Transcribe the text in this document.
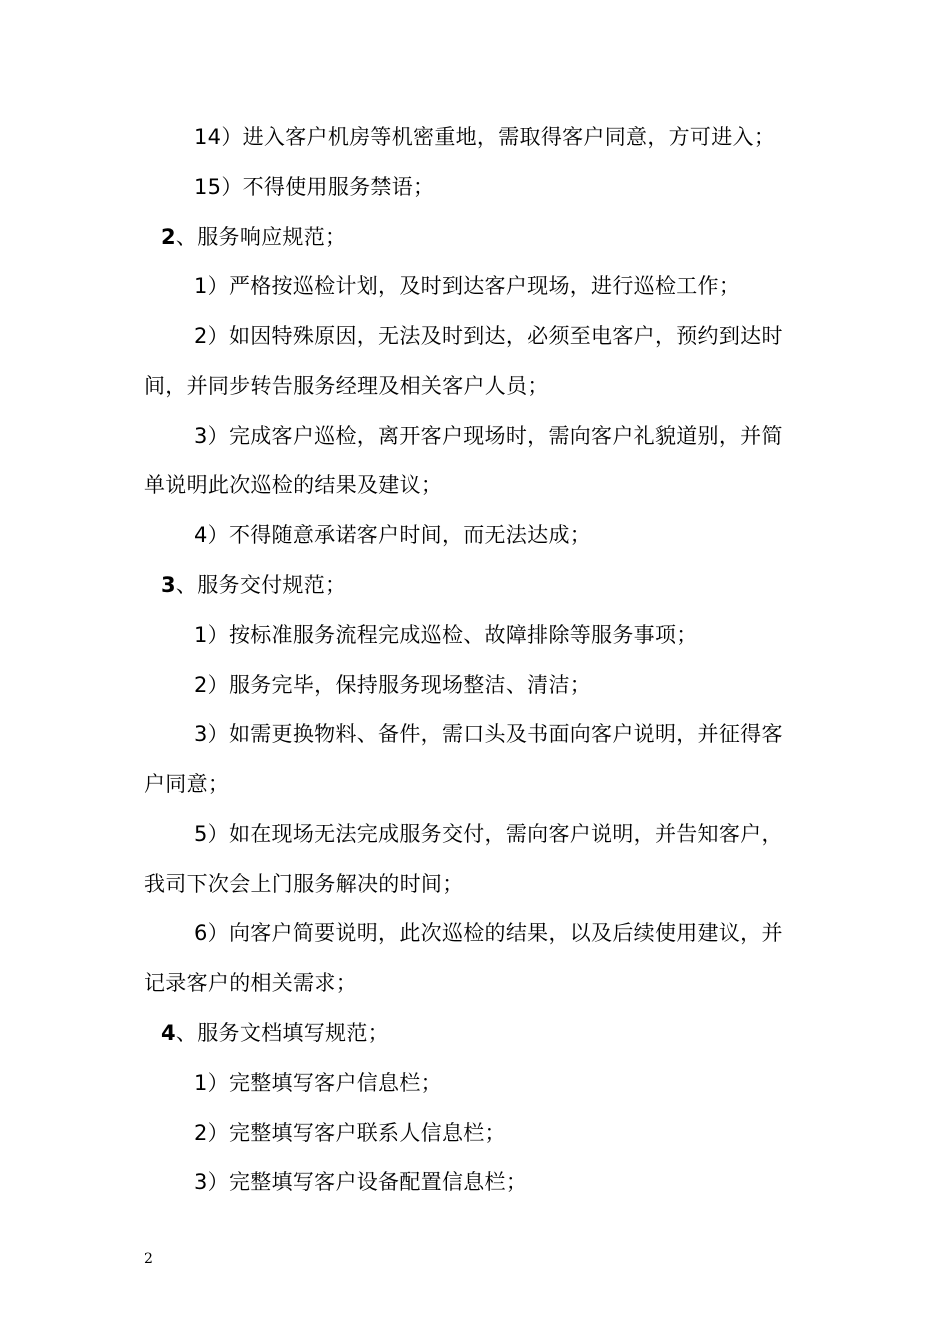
14）进入客户机房等机密重地，需取得客户同意，方可进入；
15）不得使用服务禁语；
2、服务响应规范；
1）严格按巡检计划，及时到达客户现场，进行巡检工作；
2）如因特殊原因，无法及时到达，必须至电客户，预约到达时
间，并同步转告服务经理及相关客户人员；
3）完成客户巡检，离开客户现场时，需向客户礼貌道别，并简
单说明此次巡检的结果及建议；
4）不得随意承诺客户时间，而无法达成；
3、服务交付规范；
1）按标准服务流程完成巡检、故障排除等服务事项；
2）服务完毕，保持服务现场整洁、清洁；
3）如需更换物料、备件，需口头及书面向客户说明，并征得客
户同意；
5）如在现场无法完成服务交付，需向客户说明，并告知客户，
我司下次会上门服务解决的时间；
6）向客户简要说明，此次巡检的结果，以及后续使用建议，并
记录客户的相关需求；
4、服务文档填写规范；
1）完整填写客户信息栏；
2）完整填写客户联系人信息栏；
3）完整填写客户设备配置信息栏；
2
